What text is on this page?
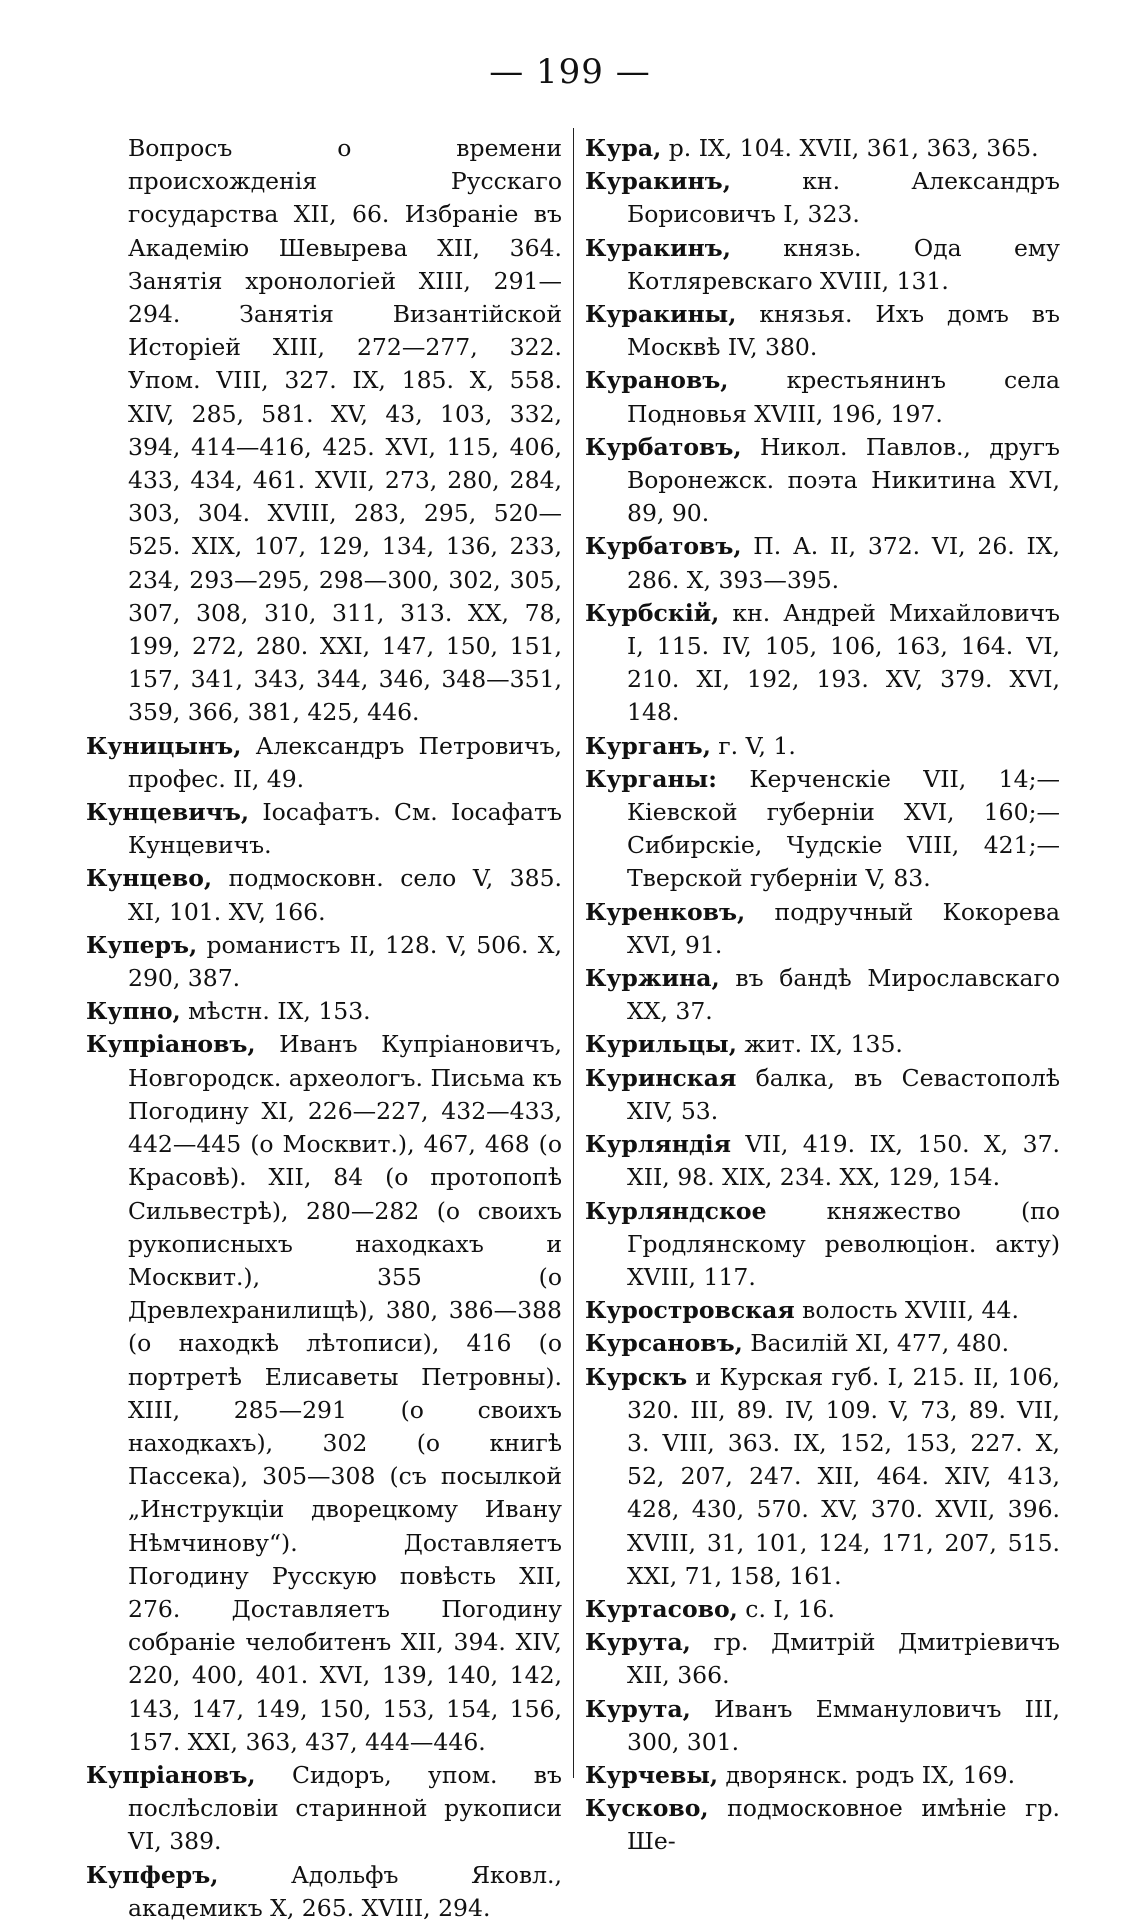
— 199 —

Вопросъ о времени происхожденія Русскаго государства XII, 66. Избраніе въ Академію Шевырева XII, 364. Занятія хронологіей XIII, 291—294. Занятія Византійской Исторіей XIII, 272—277, 322. Упом. VIII, 327. IX, 185. X, 558. XIV, 285, 581. XV, 43, 103, 332, 394, 414—416, 425. XVI, 115, 406, 433, 434, 461. XVII, 273, 280, 284, 303, 304. XVIII, 283, 295, 520—525. XIX, 107, 129, 134, 136, 233, 234, 293—295, 298—300, 302, 305, 307, 308, 310, 311, 313. XX, 78, 199, 272, 280. XXI, 147, 150, 151, 157, 341, 343, 344, 346, 348—351, 359, 366, 381, 425, 446.

Куницынъ, Александръ Петровичъ, профес. II, 49.

Кунцевичъ, Іосафатъ. См. Іосафатъ Кунцевичъ.

Кунцево, подмосковн. село V, 385. XI, 101. XV, 166.

Куперъ, романистъ II, 128. V, 506. X, 290, 387.

Купно, мѣстн. IX, 153.

Купріановъ, Иванъ Купріановичъ, Новгородск. археологъ. Письма къ Погодину XI, 226—227, 432—433, 442—445 (о Москвит.), 467, 468 (о Красовѣ). XII, 84 (о протопопѣ Сильвестрѣ), 280—282 (о своихъ рукописныхъ находкахъ и Москвит.), 355 (о Древлехранилищѣ), 380, 386—388 (о находкѣ лѣтописи), 416 (о портретѣ Елисаветы Петровны). XIII, 285—291 (о своихъ находкахъ), 302 (о книгѣ Пассека), 305—308 (съ посылкой „Инструкціи дворецкому Ивану Нѣмчинову“). Доставляетъ Погодину Русскую повѣсть XII, 276. Доставляетъ Погодину собраніе челобитенъ XII, 394. XIV, 220, 400, 401. XVI, 139, 140, 142, 143, 147, 149, 150, 153, 154, 156, 157. XXI, 363, 437, 444—446.

Купріановъ, Сидоръ, упом. въ послѣсловіи старинной рукописи VI, 389.

Купферъ, Адольфъ Яковл., академикъ X, 265. XVIII, 294.

Кура, р. IX, 104. XVII, 361, 363, 365.

Куракинъ, кн. Александръ Борисовичъ I, 323.

Куракинъ, князь. Ода ему Котляревскаго XVIII, 131.

Куракины, князья. Ихъ домъ въ Москвѣ IV, 380.

Курановъ, крестьянинъ села Подновья XVIII, 196, 197.

Курбатовъ, Никол. Павлов., другъ Воронежск. поэта Никитина XVI, 89, 90.

Курбатовъ, П. А. II, 372. VI, 26. IX, 286. X, 393—395.

Курбскій, кн. Андрей Михайловичъ I, 115. IV, 105, 106, 163, 164. VI, 210. XI, 192, 193. XV, 379. XVI, 148.

Курганъ, г. V, 1.

Курганы: Керченскіе VII, 14;—Кіевской губерніи XVI, 160;—Сибирскіе, Чудскіе VIII, 421;—Тверской губерніи V, 83.

Куренковъ, подручный Кокорева XVI, 91.

Куржина, въ бандѣ Мирославскаго XX, 37.

Курильцы, жит. IX, 135.

Куринская балка, въ Севастополѣ XIV, 53.

Курляндія VII, 419. IX, 150. X, 37. XII, 98. XIX, 234. XX, 129, 154.

Курляндское княжество (по Гродлянскому революціон. акту) XVIII, 117.

Куростровская волость XVIII, 44.

Курсановъ, Василій XI, 477, 480.

Курскъ и Курская губ. I, 215. II, 106, 320. III, 89. IV, 109. V, 73, 89. VII, 3. VIII, 363. IX, 152, 153, 227. X, 52, 207, 247. XII, 464. XIV, 413, 428, 430, 570. XV, 370. XVII, 396. XVIII, 31, 101, 124, 171, 207, 515. XXI, 71, 158, 161.

Куртасово, с. I, 16.

Курута, гр. Дмитрій Дмитріевичъ XII, 366.

Курута, Иванъ Еммануловичъ III, 300, 301.

Курчевы, дворянск. родъ IX, 169.

Кусково, подмосковное имѣніе гр. Ше-
